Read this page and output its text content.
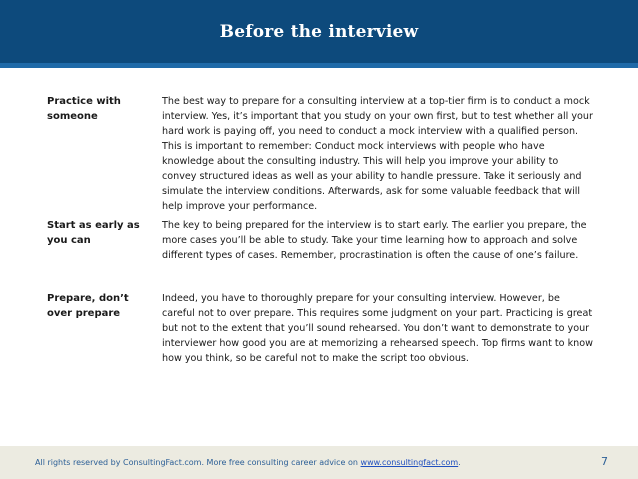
Before the interview
Practice with someone
The best way to prepare for a consulting interview at a top-tier firm is to conduct a mock interview. Yes, it’s important that you study on your own first, but to test whether all your hard work is paying off, you need to conduct a mock interview with a qualified person. This is important to remember: Conduct mock interviews with people who have knowledge about the consulting industry. This will help you improve your ability to convey structured ideas as well as your ability to handle pressure. Take it seriously and simulate the interview conditions. Afterwards, ask for some valuable feedback that will help improve your performance.
Start as early as you can
The key to being prepared for the interview is to start early. The earlier you prepare, the more cases you’ll be able to study. Take your time learning how to approach and solve different types of cases. Remember, procrastination is often the cause of one’s failure.
Prepare, don’t over prepare
Indeed, you have to thoroughly prepare for your consulting interview. However, be careful not to over prepare. This requires some judgment on your part. Practicing is great but not to the extent that you’ll sound rehearsed. You don’t want to demonstrate to your interviewer how good you are at memorizing a rehearsed speech. Top firms want to know how you think, so be careful not to make the script too obvious.
All rights reserved by ConsultingFact.com. More free consulting career advice on www.consultingfact.com.	7
